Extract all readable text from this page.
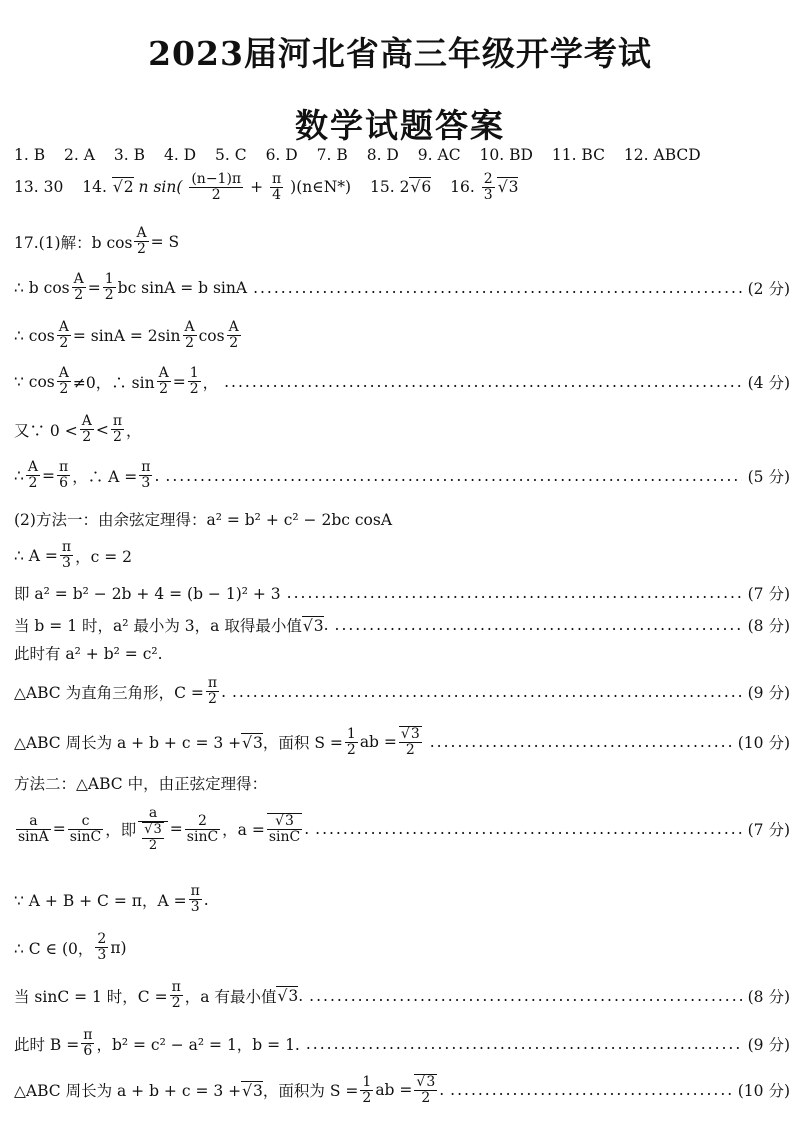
2023届河北省高三年级开学考试
数学试题答案
1. B 2. A 3. B 4. D 5. C 6. D 7. B 8. D 9. AC 10. BD 11. BC 12. ABCD
13. 30 14. √ 2 n $\sin( \frac{(n-1)\pi}{2} + \frac{\pi}{4}$ )(n∈N*) 15. 2 √ 6 16. $\frac{2}{3}$ √ 3
17.(1)解：b $\cos \frac{A}{2} = S$
∴ b $\cos \frac{A}{2} = \frac{1}{2}$ bc sinA = b sinA .....	(2 分)
∴ $\cos \frac{A}{2} = \sin A = 2\sin \frac{A}{2}$ $\cos \frac{A}{2}$
∵ $\cos \frac{A}{2} \ne 0$，∴ $\sin \frac{A}{2} = \frac{1}{2}$ ， .....	(4 分)
又∵ $0 < \frac{A}{2} < \frac{\pi}{2}$ ，
∴ $\frac{A}{2} = \frac{\pi}{6}$ ，∴ $A = \frac{\pi}{3}$ . .....	(5 分)
(2)方法一：由余弦定理得：a² = b² + c² − 2bc cosA
∴ $A = \frac{\pi}{3}$ ，c = 2
即 a² = b² − 2b + 4 = (b − 1)² + 3 .....	(7 分)
当 b = 1 时，a² 最小为 3，a 取得最小值 √ 3 . .....	(8 分)
此时有 a² + b² = c².
△ABC 为直角三角形，$C = \frac{\pi}{2}$ . .....	(9 分)
△ABC 周长为 a + b + c = 3 + √ 3 ，面积 $S = \frac{1}{2}$ ab = √ $\frac{3}{2}$ .....	(10 分)
方法二：△ABC 中，由正弦定理得：
$\frac{a}{\sin A} = \frac{c}{\sin C}$ ，即 a
√ $\frac{3}{2} = \frac{2}{\sin C}$ ，a = √ $\frac{3}{\sin C}$ . .....	(7 分)
∵ A + B + C = π，$A = \frac{\pi}{3}$ .
∴ C ∈ (0， $\frac{2}{3} \pi$)
当 sinC = 1 时，$C = \frac{\pi}{2}$ ，a 有最小值 √ 3 . .....	(8 分)
此时 $B = \frac{\pi}{6}$ ，b² = c² − a² = 1，b = 1. .....	(9 分)
△ABC 周长为 a + b + c = 3 + √ 3 ，面积为 $S = \frac{1}{2}$ ab = √ $\frac{3}{2}$ . .....	(10 分)
